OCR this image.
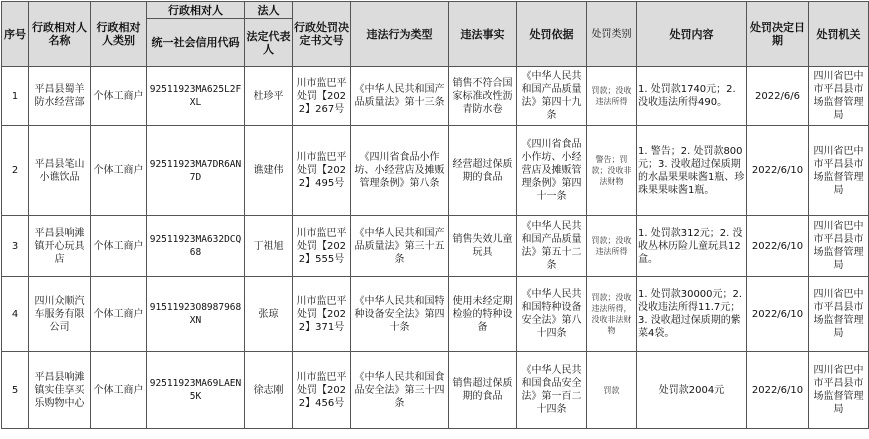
序号	行政相对人名称	行政相对人类别	行政相对人	法人	行政处罚决定书文号	违法行为类型	违法事实	处罚依据	处罚类别	处罚内容	处罚决定日期	处罚机关
			统一社会信用代码	法定代表人								
1	平昌县蜀羊防水经营部	个体工商户	92511923MA625L2FXL	杜珍平	川市监巴平处罚【2022】267号	《中华人民共和国产品质量法》第十三条	销售不符合国家标准改性沥青防水卷	《中华人民共和国产品质量法》第四十九条	罚款；没收违法所得	1. 处罚款1740元；2. 没收违法所得490。	2022/6/6	四川省巴中市平昌县市场监督管理局
2	平昌县笔山小谯饮品	个体工商户	92511923MA7DR6AN7D	谯建伟	川市监巴平处罚【2022】495号	《四川省食品小作坊、小经营店及摊贩管理条例》第八条	经营超过保质期的食品	《四川省食品小作坊、小经营店及摊贩管理条例》第四十一条	警告；罚款；没收非法财物	1. 警告；2. 处罚款800元；3. 没收超过保质期的水晶果果味酱1瓶、珍珠果果味酱1瓶。	2022/6/10	四川省巴中市平昌县市场监督管理局
3	平昌县响滩镇开心玩具店	个体工商户	92511923MA632DCQ68	丁祖旭	川市监巴平处罚【2022】555号	《中华人民共和国产品质量法》第三十五条	销售失效儿童玩具	《中华人民共和国产品质量法》第五十二条	罚款；没收违法所得	1. 处罚款312元；2. 没收丛林历险儿童玩具12盒。	2022/6/10	四川省巴中市平昌县市场监督管理局
4	四川众顺汽车服务有限公司	个体工商户	91511923O8987968XN	张琼	川市监巴平处罚【2022】371号	《中华人民共和国特种设备安全法》第四十条	使用未经定期检验的特种设备	《中华人民共和国特种设备安全法》第八十四条	罚款；没收违法所得，没收非法财物	1. 处罚款30000元；2. 没收违法所得11.7元；3. 没收超过保质期的紫菜4袋。	2022/6/10	四川省巴中市平昌县市场监督管理局
5	平昌县响滩镇实佳享买乐购物中心	个体工商户	92511923MA69LAEN5K	徐志刚	川市监巴平处罚【2022】456号	《中华人民共和国食品安全法》第三十四条	销售超过保质期的食品	《中华人民共和国食品安全法》第一百二十四条	罚款	处罚款2004元	2022/6/10	四川省巴中市平昌县市场监督管理局
